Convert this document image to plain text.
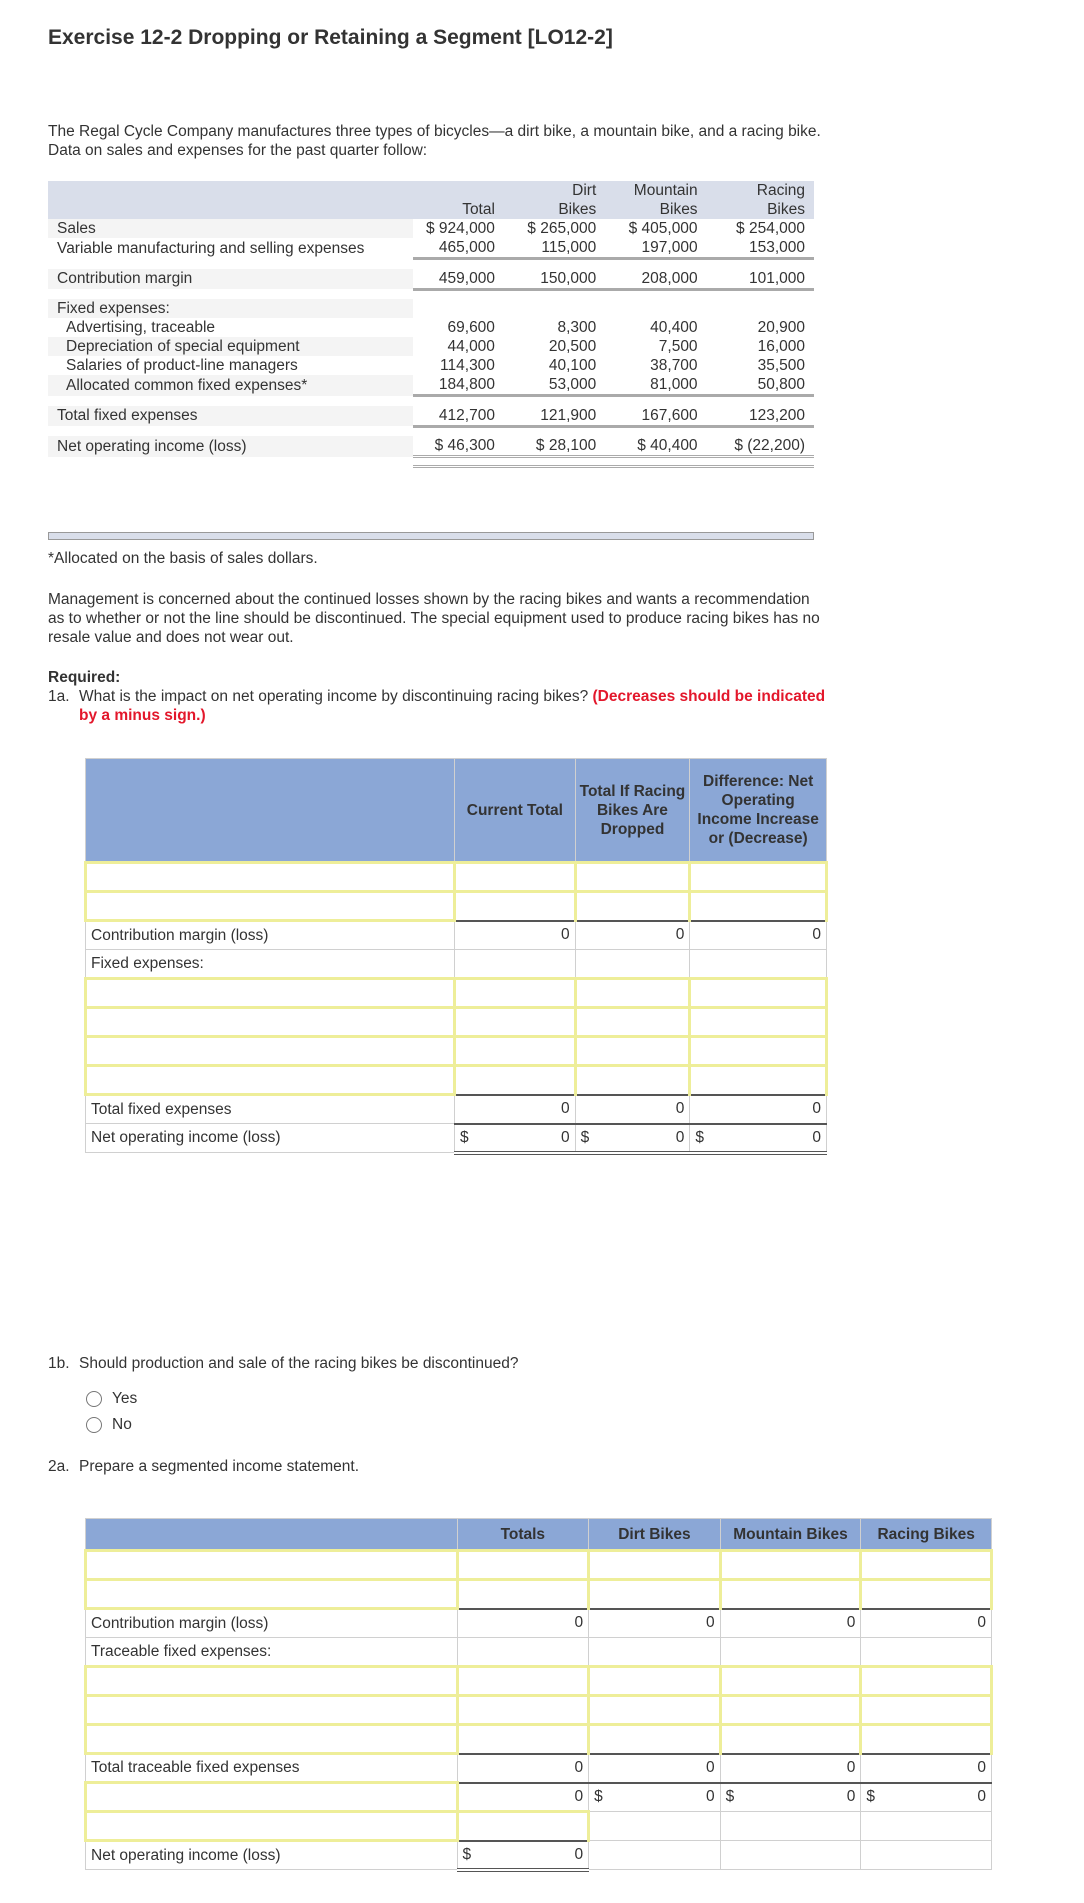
Exercise 12-2 Dropping or Retaining a Segment [LO12-2]
The Regal Cycle Company manufactures three types of bicycles—a dirt bike, a mountain bike, and a racing bike. Data on sales and expenses for the past quarter follow:
		Dirt	Mountain	Racing
	Total	Bikes	Bikes	Bikes
Sales	$ 924,000	$ 265,000	$ 405,000	$ 254,000
Variable manufacturing and selling expenses	465,000	115,000	197,000	153,000

Contribution margin	459,000	150,000	208,000	101,000

Fixed expenses:				
Advertising, traceable	69,600	8,300	40,400	20,900
Depreciation of special equipment	44,000	20,500	7,500	16,000
Salaries of product-line managers	114,300	40,100	38,700	35,500
Allocated common fixed expenses*	184,800	53,000	81,000	50,800

Total fixed expenses	412,700	121,900	167,600	123,200

Net operating income (loss)	$ 46,300	$ 28,100	$ 40,400	$ (22,200)

*Allocated on the basis of sales dollars.
Management is concerned about the continued losses shown by the racing bikes and wants a recommendation as to whether or not the line should be discontinued. The special equipment used to produce racing bikes has no resale value and does not wear out.
Required:
1a. What is the impact on net operating income by discontinuing racing bikes? (Decreases should be indicated by a minus sign.)
	Current Total	Total If Racing Bikes Are Dropped	Difference: Net Operating Income Increase or (Decrease)

Contribution margin (loss)	0	0	0
Fixed expenses:			

Total fixed expenses	0	0	0
Net operating income (loss)	$ 0	$ 0	$ 0
1b. Should production and sale of the racing bikes be discontinued?
Yes
No
2a. Prepare a segmented income statement.
	Totals	Dirt Bikes	Mountain Bikes	Racing Bikes

Contribution margin (loss)	0	0	0	0
Traceable fixed expenses:				

Total traceable fixed expenses	0	0	0	0
	0	$ 0	$ 0	$ 0

Net operating income (loss)	$ 0			
